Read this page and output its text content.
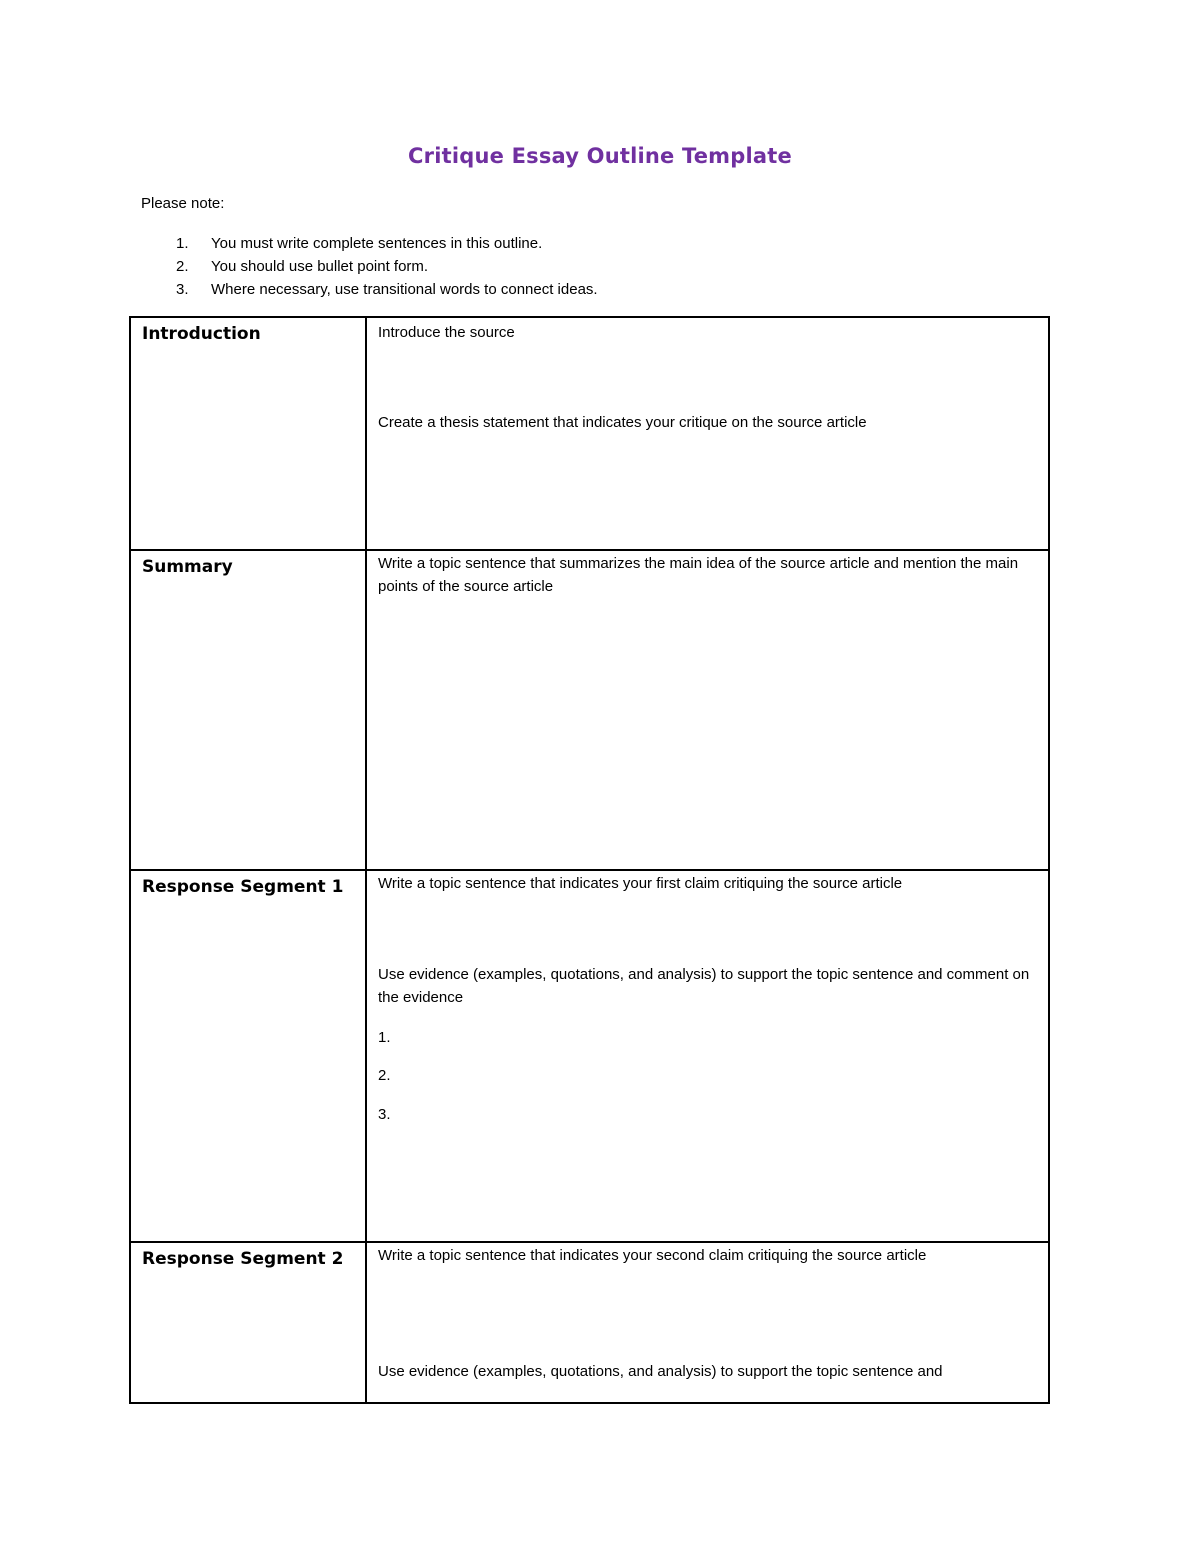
Critique Essay Outline Template
Please note:
1. You must write complete sentences in this outline.
2. You should use bullet point form.
3. Where necessary, use transitional words to connect ideas.
Introduction	Introduce the source
Create a thesis statement that indicates your critique on the source article

Summary	Write a topic sentence that summarizes the main idea of the source article and mention the main points of the source article

Response Segment 1	Write a topic sentence that indicates your first claim critiquing the source article
Use evidence (examples, quotations, and analysis) to support the topic sentence and comment on the evidence
1.
2.
3.

Response Segment 2	Write a topic sentence that indicates your second claim critiquing the source article
Use evidence (examples, quotations, and analysis) to support the topic sentence and
